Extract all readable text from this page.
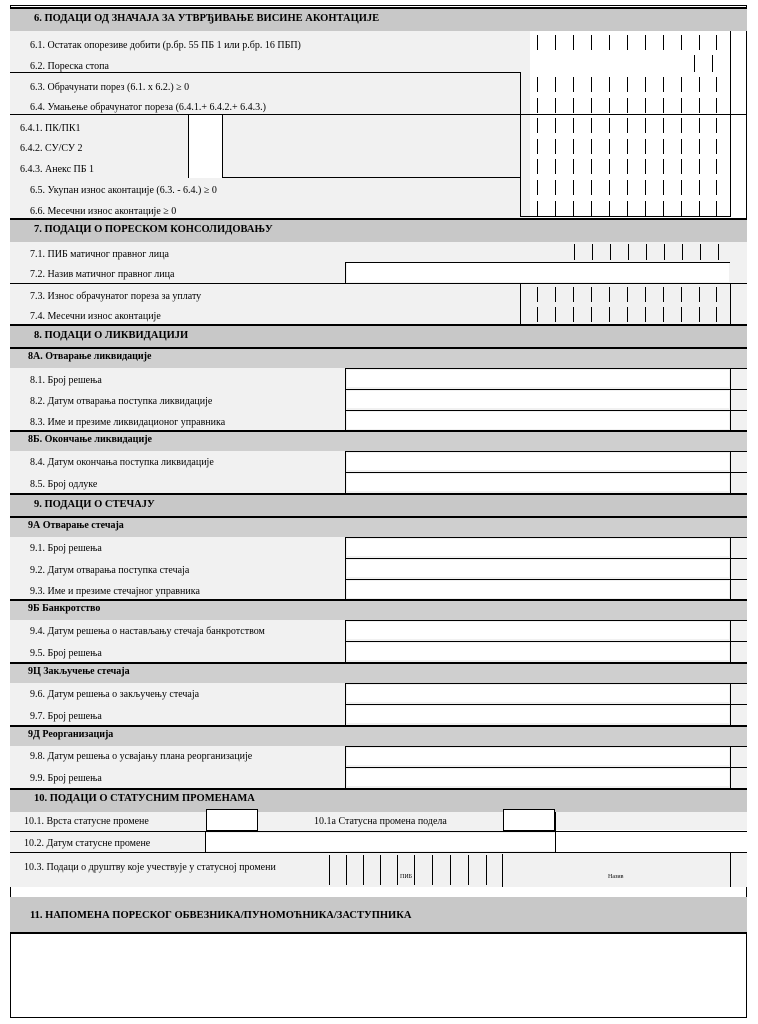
6. ПОДАЦИ ОД ЗНАЧАЈА ЗА УТВРЂИВАЊЕ ВИСИНЕ АКОНТАЦИЈЕ
6.1. Остатак опорезиве добити (р.бр. 55 ПБ 1 или р.бр. 16 ПБП)
6.2. Пореска стопа
6.3. Обрачунати порез (6.1. x 6.2.) ≥ 0
6.4. Умањење обрачунатог пореза (6.4.1.+ 6.4.2.+ 6.4.3.)
6.4.1. ПК/ПК1
6.4.2. СУ/СУ 2
6.4.3. Анекс ПБ 1
6.5. Укупан износ аконтације (6.3. - 6.4.) ≥ 0
6.6. Месечни износ аконтације ≥ 0
7. ПОДАЦИ О ПОРЕСКОМ КОНСОЛИДОВАЊУ
7.1. ПИБ матичног правног лица
7.2. Назив матичног правног лица
7.3. Износ обрачунатог пореза за уплату
7.4. Месечни износ аконтације
8. ПОДАЦИ О ЛИКВИДАЦИЈИ
8А. Отварање ликвидације
8.1. Број решења
8.2. Датум отварања поступка ликвидације
8.3. Име и презиме ликвидационог управника
8Б. Окончање ликвидације
8.4. Датум окончања поступка ликвидације
8.5. Број одлуке
9. ПОДАЦИ О СТЕЧАЈУ
9А Отварање стечаја
9.1. Број решења
9.2. Датум отварања поступка стечаја
9.3. Име и презиме стечајног управника
9Б Банкротство
9.4. Датум решења о настављању стечаја банкротством
9.5. Број решења
9Ц Закључење стечаја
9.6. Датум решења о закључењу стечаја
9.7. Број решења
9Д Реорганизација
9.8. Датум решења о усвајању плана реорганизације
9.9. Број решења
10. ПОДАЦИ О СТАТУСНИМ ПРОМЕНАМА
10.1. Врста статусне промене	10.1а Статусна промена подела
10.2. Датум статусне промене
10.3. Подаци о друштву које учествује у статусној промени
ПИБ	Назив
11. НАПОМЕНА ПОРЕСКОГ ОБВЕЗНИКА/ПУНОМОЋНИКА/ЗАСТУПНИКА
